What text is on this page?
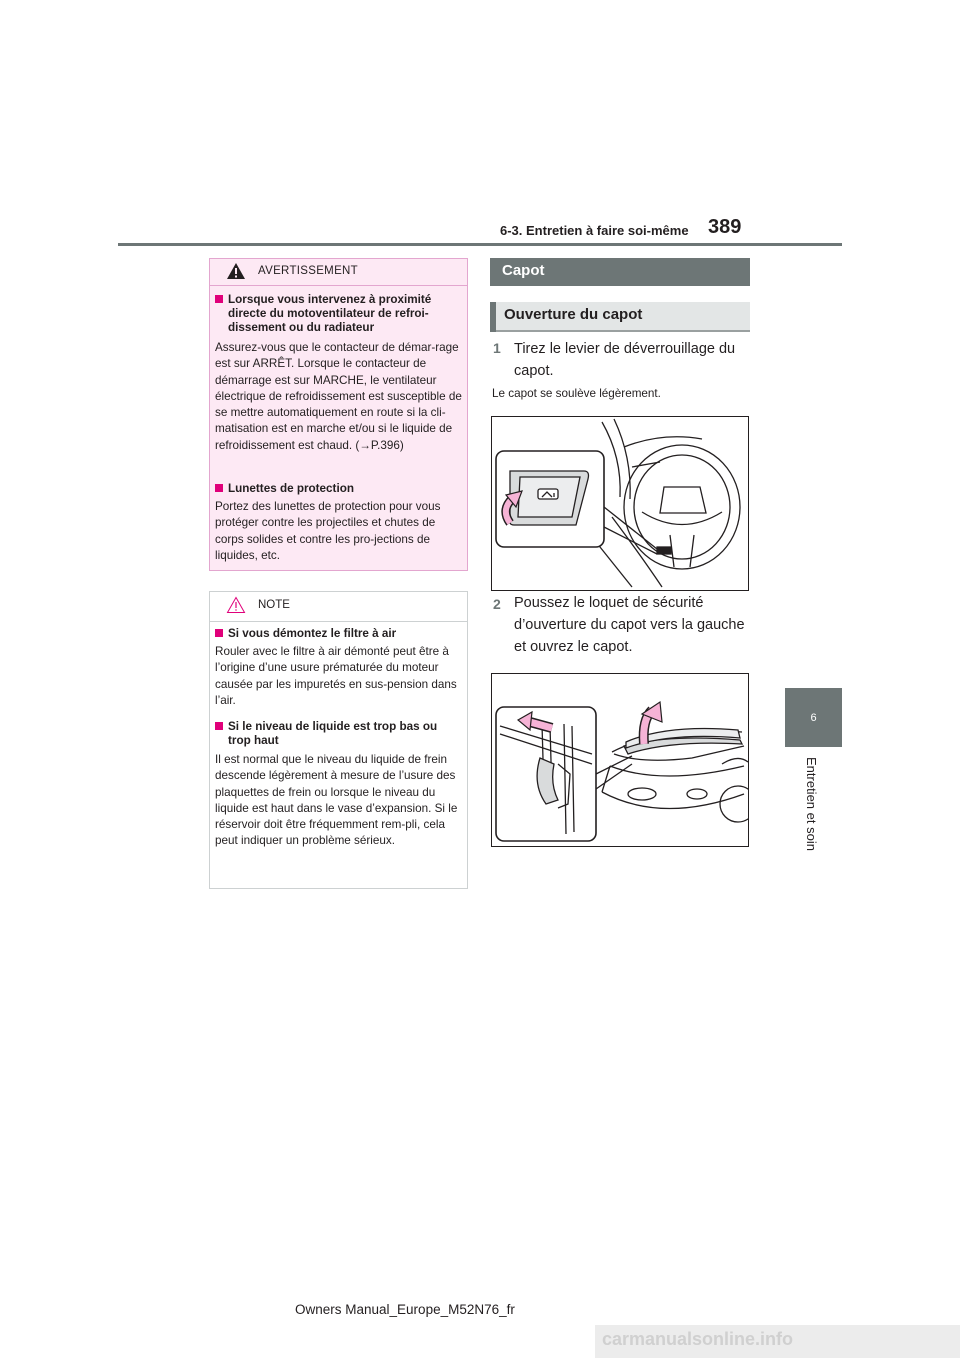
6-3. Entretien à faire soi-même 389
6
Entretien et soin
AVERTISSEMENT
Lorsque vous intervenez à proximité directe du motoventilateur de refroi-dissement ou du radiateur
Assurez-vous que le contacteur de démar-rage est sur ARRÊT. Lorsque le contacteur de démarrage est sur MARCHE, le ventilateur électrique de refroidissement est susceptible de se mettre automatiquement en route si la cli-matisation est en marche et/ou si le liquide de refroidissement est chaud. (→P.396)
Lunettes de protection
Portez des lunettes de protection pour vous protéger contre les projectiles et chutes de corps solides et contre les pro-jections de liquides, etc.
NOTE
Si vous démontez le filtre à air
Rouler avec le filtre à air démonté peut être à l’origine d’une usure prématurée du moteur causée par les impuretés en sus-pension dans l’air.
Si le niveau de liquide est trop bas ou trop haut
Il est normal que le niveau du liquide de frein descende légèrement à mesure de l’usure des plaquettes de frein ou lorsque le niveau du liquide est haut dans le vase d’expansion. Si le réservoir doit être fréquemment rem-pli, cela peut indiquer un problème sérieux.
Capot
Ouverture du capot
1 Tirez le levier de déverrouillage du capot.
Le capot se soulève légèrement.
2 Poussez le loquet de sécurité d’ouverture du capot vers la gauche et ouvrez le capot.
Owners Manual_Europe_M52N76_fr
carmanualsonline.info
